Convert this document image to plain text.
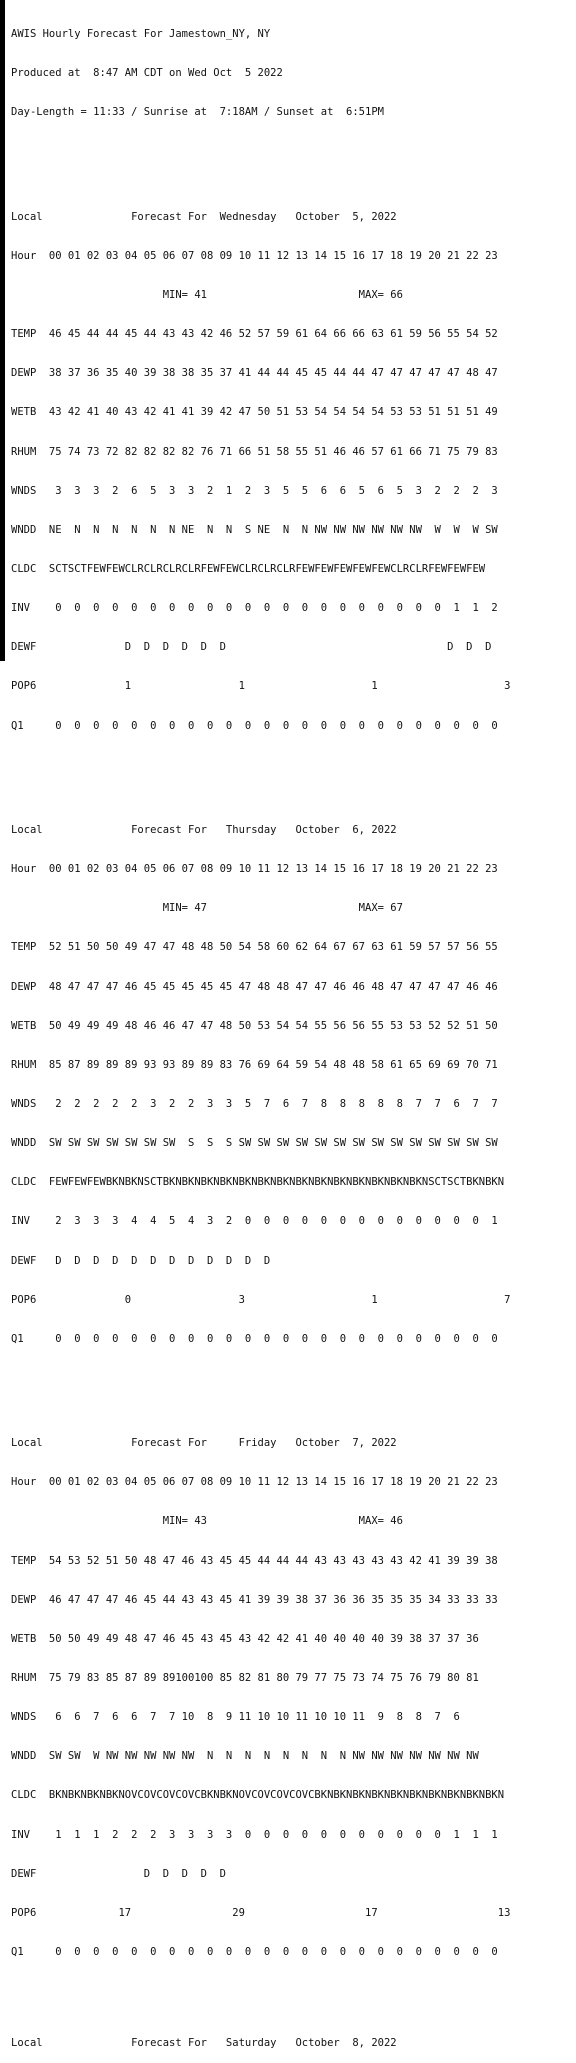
AWIS Hourly Forecast For Jamestown_NY, NY

Produced at  8:47 AM CDT on Wed Oct  5 2022

Day-Length = 11:33 / Sunrise at  7:18AM / Sunset at  6:51PM

Local              Forecast For  Wednesday   October  5, 2022

Hour  00 01 02 03 04 05 06 07 08 09 10 11 12 13 14 15 16 17 18 19 20 21 22 23

MIN= 41                        MAX= 66

TEMP  46 45 44 44 45 44 43 43 42 46 52 57 59 61 64 66 66 63 61 59 56 55 54 52

DEWP  38 37 36 35 40 39 38 38 35 37 41 44 44 45 45 44 44 47 47 47 47 47 48 47

WETB  43 42 41 40 43 42 41 41 39 42 47 50 51 53 54 54 54 54 53 53 51 51 51 49

RHUM  75 74 73 72 82 82 82 82 76 71 66 51 58 55 51 46 46 57 61 66 71 75 79 83

WNDS   3  3  3  2  6  5  3  3  2  1  2  3  5  5  6  6  5  6  5  3  2  2  2  3

WNDD  NE  N  N  N  N  N  N NE  N  N  S NE  N  N NW NW NW NW NW NW  W  W  W SW

CLDC  SCTSCTFEWFEWCLRCLRCLRCLRFEWFEWCLRCLRCLRFEWFEWFEWFEWFEWCLRCLRFEWFEWFEW

INV    0  0  0  0  0  0  0  0  0  0  0  0  0  0  0  0  0  0  0  0  0  1  1  2

DEWF              D  D  D  D  D  D                                   D  D  D

POP6              1                 1                    1                    3

Q1     0  0  0  0  0  0  0  0  0  0  0  0  0  0  0  0  0  0  0  0  0  0  0  0

Local              Forecast For   Thursday   October  6, 2022

Hour  00 01 02 03 04 05 06 07 08 09 10 11 12 13 14 15 16 17 18 19 20 21 22 23

MIN= 47                        MAX= 67

TEMP  52 51 50 50 49 47 47 48 48 50 54 58 60 62 64 67 67 63 61 59 57 57 56 55

DEWP  48 47 47 47 46 45 45 45 45 45 47 48 48 47 47 46 46 48 47 47 47 47 46 46

WETB  50 49 49 49 48 46 46 47 47 48 50 53 54 54 55 56 56 55 53 53 52 52 51 50

RHUM  85 87 89 89 89 93 93 89 89 83 76 69 64 59 54 48 48 58 61 65 69 69 70 71

WNDS   2  2  2  2  2  3  2  2  3  3  5  7  6  7  8  8  8  8  8  7  7  6  7  7

WNDD  SW SW SW SW SW SW SW  S  S  S SW SW SW SW SW SW SW SW SW SW SW SW SW SW

CLDC  FEWFEWFEWBKNBKNSCTBKNBKNBKNBKNBKNBKNBKNBKNBKNBKNBKNBKNBKNBKNSCTSCTBKNBKN

INV    2  3  3  3  4  4  5  4  3  2  0  0  0  0  0  0  0  0  0  0  0  0  0  1

DEWF   D  D  D  D  D  D  D  D  D  D  D  D

POP6              0                 3                    1                    7

Q1     0  0  0  0  0  0  0  0  0  0  0  0  0  0  0  0  0  0  0  0  0  0  0  0

Local              Forecast For     Friday   October  7, 2022

Hour  00 01 02 03 04 05 06 07 08 09 10 11 12 13 14 15 16 17 18 19 20 21 22 23

MIN= 43                        MAX= 46

TEMP  54 53 52 51 50 48 47 46 43 45 45 44 44 44 43 43 43 43 43 42 41 39 39 38

DEWP  46 47 47 47 46 45 44 43 43 45 41 39 39 38 37 36 36 35 35 35 34 33 33 33

WETB  50 50 49 49 48 47 46 45 43 45 43 42 42 41 40 40 40 40 39 38 37 37 36

RHUM  75 79 83 85 87 89 89100100 85 82 81 80 79 77 75 73 74 75 76 79 80 81

WNDS   6  6  7  6  6  7  7 10  8  9 11 10 10 11 10 10 11  9  8  8  7  6

WNDD  SW SW  W NW NW NW NW NW  N  N  N  N  N  N  N  N NW NW NW NW NW NW NW

CLDC  BKNBKNBKNBKNOVCOVCOVCOVCBKNBKNOVCOVCOVCOVCBKNBKNBKNBKNBKNBKNBKNBKNBKNBKN

INV    1  1  1  2  2  2  3  3  3  3  0  0  0  0  0  0  0  0  0  0  0  1  1  1

DEWF                 D  D  D  D  D

POP6             17                29                   17                   13

Q1     0  0  0  0  0  0  0  0  0  0  0  0  0  0  0  0  0  0  0  0  0  0  0  0

Local              Forecast For   Saturday   October  8, 2022
